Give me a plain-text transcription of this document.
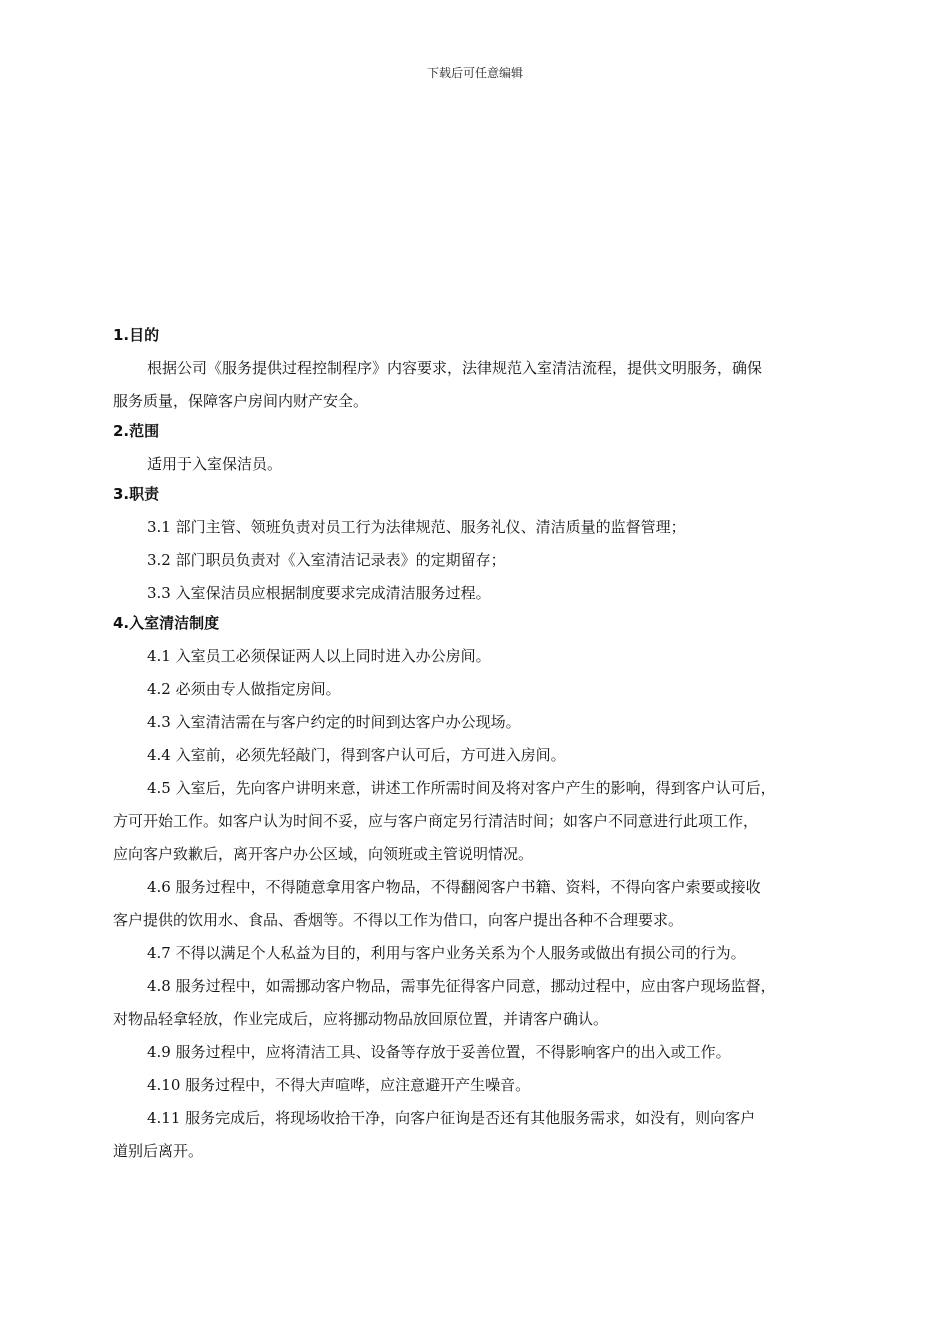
下载后可任意编辑
1.目的
根据公司《服务提供过程控制程序》内容要求，法律规范入室清洁流程，提供文明服务，确保
服务质量，保障客户房间内财产安全。
2.范围
适用于入室保洁员。
3.职责
3.1 部门主管、领班负责对员工行为法律规范、服务礼仪、清洁质量的监督管理；
3.2 部门职员负责对《入室清洁记录表》的定期留存；
3.3 入室保洁员应根据制度要求完成清洁服务过程。
4.入室清洁制度
4.1 入室员工必须保证两人以上同时进入办公房间。
4.2 必须由专人做指定房间。
4.3 入室清洁需在与客户约定的时间到达客户办公现场。
4.4 入室前，必须先轻敲门，得到客户认可后，方可进入房间。
4.5 入室后，先向客户讲明来意，讲述工作所需时间及将对客户产生的影响，得到客户认可后，
方可开始工作。如客户认为时间不妥，应与客户商定另行清洁时间；如客户不同意进行此项工作，
应向客户致歉后，离开客户办公区域，向领班或主管说明情况。
4.6 服务过程中，不得随意拿用客户物品，不得翻阅客户书籍、资料，不得向客户索要或接收
客户提供的饮用水、食品、香烟等。不得以工作为借口，向客户提出各种不合理要求。
4.7 不得以满足个人私益为目的，利用与客户业务关系为个人服务或做出有损公司的行为。
4.8 服务过程中，如需挪动客户物品，需事先征得客户同意，挪动过程中，应由客户现场监督，
对物品轻拿轻放，作业完成后，应将挪动物品放回原位置，并请客户确认。
4.9 服务过程中，应将清洁工具、设备等存放于妥善位置，不得影响客户的出入或工作。
4.10 服务过程中，不得大声喧哗，应注意避开产生噪音。
4.11 服务完成后，将现场收拾干净，向客户征询是否还有其他服务需求，如没有，则向客户
道别后离开。
